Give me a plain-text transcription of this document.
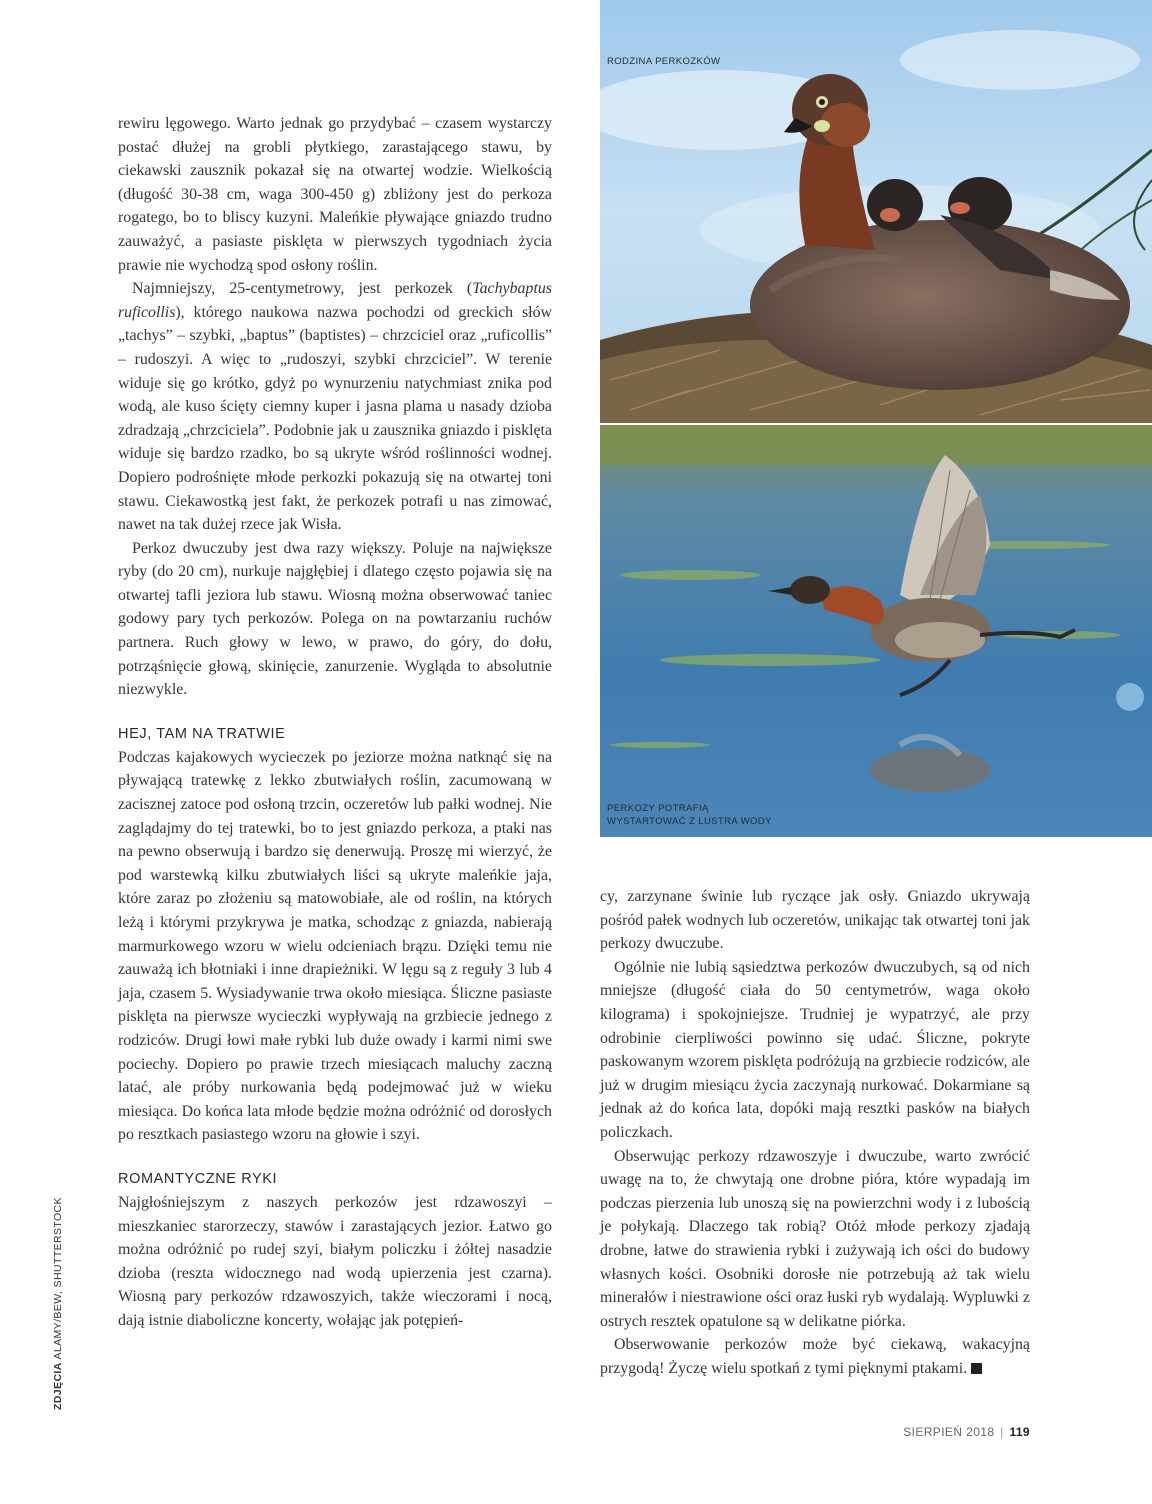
RODZINA PERKOZKÓW
PERKOZY POTRAFIĄ
WYSTARTOWAĆ Z LUSTRA WODY

rewiru lęgowego. Warto jednak go przydybać – czasem wystarczy postać dłużej na grobli płytkiego, zarastającego stawu, by ciekawski zausznik pokazał się na otwartej wodzie. Wielkością (długość 30-38 cm, waga 300-450 g) zbliżony jest do perkoza rogatego, bo to bliscy kuzyni. Maleńkie pływające gniazdo trudno zauważyć, a pasiaste pisklęta w pierwszych tygodniach życia prawie nie wychodzą spod osłony roślin.

Najmniejszy, 25-centymetrowy, jest perkozek (Tachybaptus ruficollis), którego naukowa nazwa pochodzi od greckich słów „tachys” – szybki, „baptus” (baptistes) – chrzciciel oraz „ruficollis” – rudoszyi. A więc to „rudoszyi, szybki chrzciciel”. W terenie widuje się go krótko, gdyż po wynurzeniu natychmiast znika pod wodą, ale kuso ścięty ciemny kuper i jasna plama u nasady dzioba zdradzają „chrzciciela”. Podobnie jak u zausznika gniazdo i pisklęta widuje się bardzo rzadko, bo są ukryte wśród roślinności wodnej. Dopiero podrośnięte młode perkozki pokazują się na otwartej toni stawu. Ciekawostką jest fakt, że perkozek potrafi u nas zimować, nawet na tak dużej rzece jak Wisła.

Perkoz dwuczuby jest dwa razy większy. Poluje na największe ryby (do 20 cm), nurkuje najgłębiej i dlatego często pojawia się na otwartej tafli jeziora lub stawu. Wiosną można obserwować taniec godowy pary tych perkozów. Polega on na powtarzaniu ruchów partnera. Ruch głowy w lewo, w prawo, do góry, do dołu, potrząśnięcie głową, skinięcie, zanurzenie. Wygląda to absolutnie niezwykle.

HEJ, TAM NA TRATWIE

Podczas kajakowych wycieczek po jeziorze można natknąć się na pływającą tratewkę z lekko zbutwiałych roślin, zacumowaną w zacisznej zatoce pod osłoną trzcin, oczeretów lub pałki wodnej. Nie zaglądajmy do tej tratewki, bo to jest gniazdo perkoza, a ptaki nas na pewno obserwują i bardzo się denerwują. Proszę mi wierzyć, że pod warstewką kilku zbutwiałych liści są ukryte maleńkie jaja, które zaraz po złożeniu są matowobiałe, ale od roślin, na których leżą i którymi przykrywa je matka, schodząc z gniazda, nabierają marmurkowego wzoru w wielu odcieniach brązu. Dzięki temu nie zauważą ich błotniaki i inne drapieżniki. W lęgu są z reguły 3 lub 4 jaja, czasem 5. Wysiadywanie trwa około miesiąca. Śliczne pasiaste pisklęta na pierwsze wycieczki wypływają na grzbiecie jednego z rodziców. Drugi łowi małe rybki lub duże owady i karmi nimi swe pociechy. Dopiero po prawie trzech miesiącach maluchy zaczną latać, ale próby nurkowania będą podejmować już w wieku miesiąca. Do końca lata młode będzie można odróżnić od dorosłych po resztkach pasiastego wzoru na głowie i szyi.

ROMANTYCZNE RYKI

Najgłośniejszym z naszych perkozów jest rdzawoszyi – mieszkaniec starorzeczy, stawów i zarastających jezior. Łatwo go można odróżnić po rudej szyi, białym policzku i żółtej nasadzie dzioba (reszta widocznego nad wodą upierzenia jest czarna). Wiosną pary perkozów rdzawoszyich, także wieczorami i nocą, dają istnie diaboliczne koncerty, wołając jak potępień-

cy, zarzynane świnie lub ryczące jak osły. Gniazdo ukrywają pośród pałek wodnych lub oczeretów, unikając tak otwartej toni jak perkozy dwuczube.

Ogólnie nie lubią sąsiedztwa perkozów dwuczubych, są od nich mniejsze (długość ciała do 50 centymetrów, waga około kilograma) i spokojniejsze. Trudniej je wypatrzyć, ale przy odrobinie cierpliwości powinno się udać. Śliczne, pokryte paskowanym wzorem pisklęta podróżują na grzbiecie rodziców, ale już w drugim miesiącu życia zaczynają nurkować. Dokarmiane są jednak aż do końca lata, dopóki mają resztki pasków na białych policzkach.

Obserwując perkozy rdzawoszyje i dwuczube, warto zwrócić uwagę na to, że chwytają one drobne pióra, które wypadają im podczas pierzenia lub unoszą się na powierzchni wody i z lubością je połykają. Dlaczego tak robią? Otóż młode perkozy zjadają drobne, łatwe do strawienia rybki i zużywają ich ości do budowy własnych kości. Osobniki dorosłe nie potrzebują aż tak wielu minerałów i niestrawione ości oraz łuski ryb wydalają. Wypluwki z ostrych resztek opatulone są w delikatne piórka.

Obserwowanie perkozów może być ciekawą, wakacyjną przygodą! Życzę wielu spotkań z tymi pięknymi ptakami.

ZDJĘCIA ALAMY/BEW, SHUTTERSTOCK
SIERPIEŃ 2018 | 119
